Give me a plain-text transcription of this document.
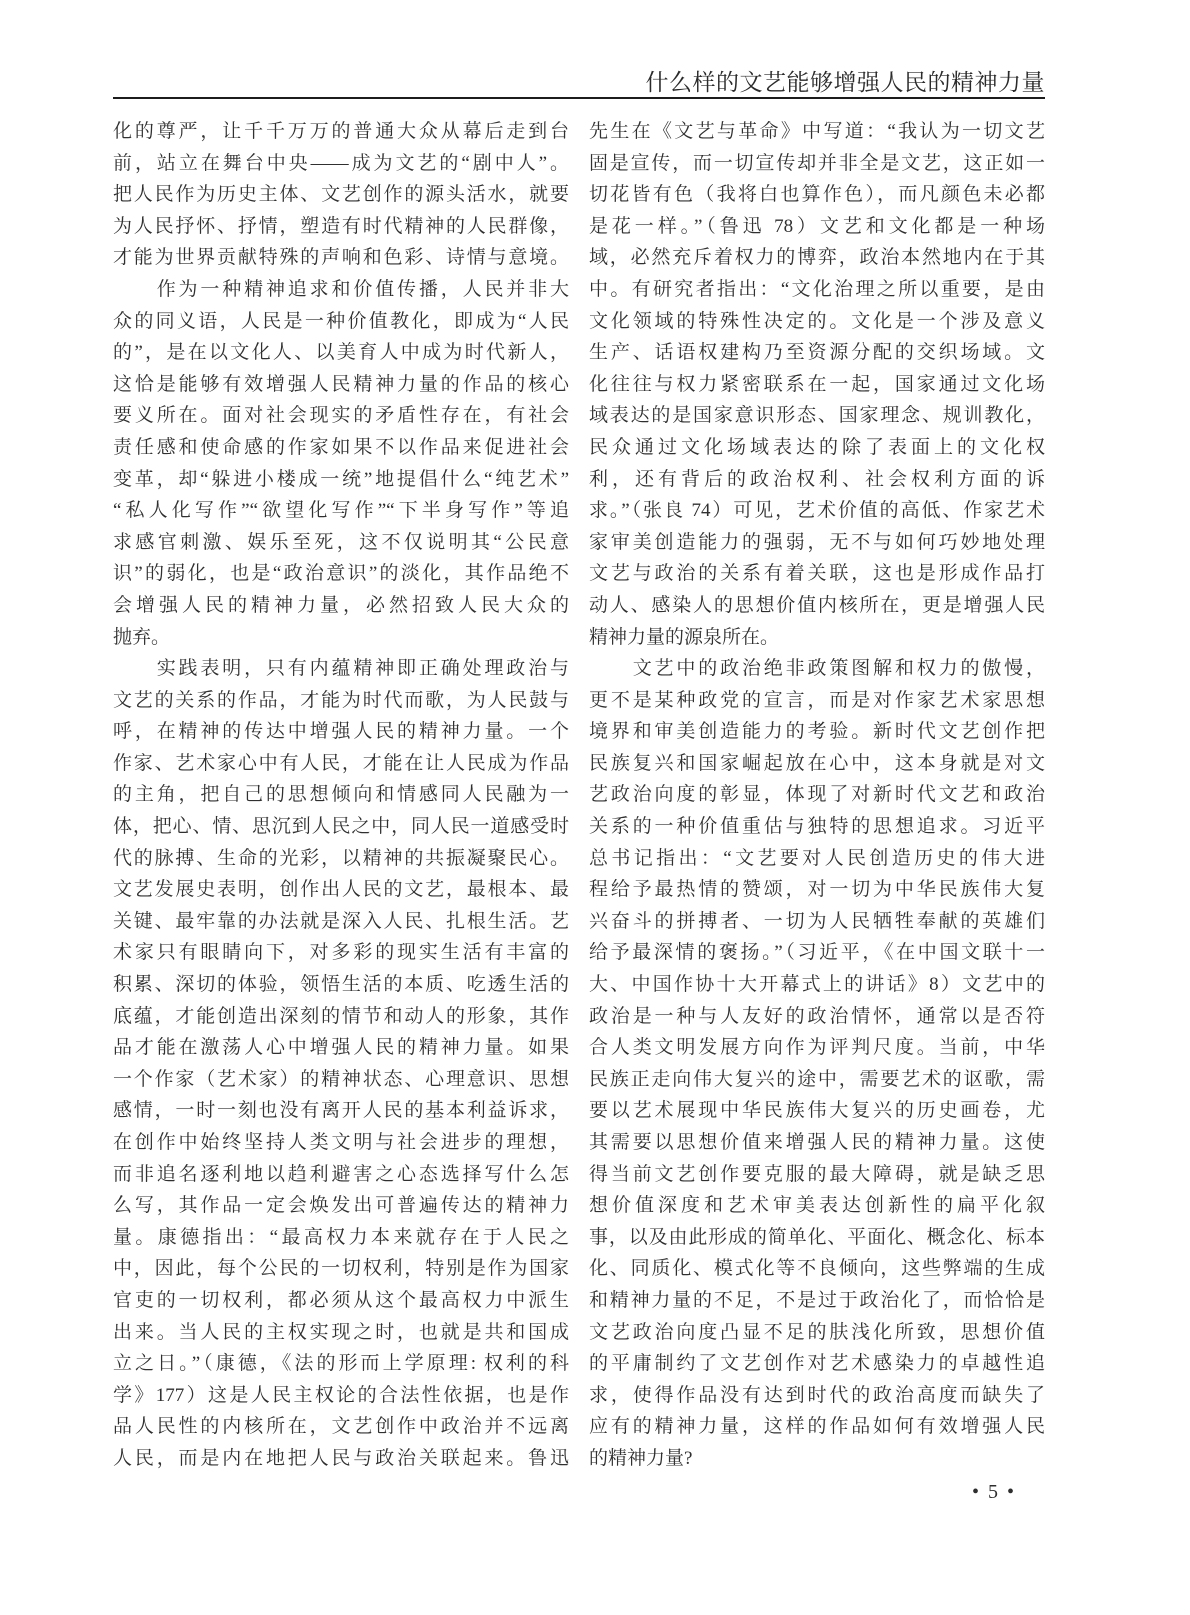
什么样的文艺能够增强人民的精神力量
化的尊严，让千千万万的普通大众从幕后走到台
前，站立在舞台中央——成为文艺的“剧中人”。
把人民作为历史主体、文艺创作的源头活水，就要
为人民抒怀、抒情，塑造有时代精神的人民群像，
才能为世界贡献特殊的声响和色彩、诗情与意境。
　　作为一种精神追求和价值传播，人民并非大
众的同义语，人民是一种价值教化，即成为“人民
的”，是在以文化人、以美育人中成为时代新人，
这恰是能够有效增强人民精神力量的作品的核心
要义所在。面对社会现实的矛盾性存在，有社会
责任感和使命感的作家如果不以作品来促进社会
变革，却“躲进小楼成一统”地提倡什么“纯艺术”
“私人化写作”“欲望化写作”“下半身写作”等追
求感官刺激、娱乐至死，这不仅说明其“公民意
识”的弱化，也是“政治意识”的淡化，其作品绝不
会增强人民的精神力量，必然招致人民大众的
抛弃。
　　实践表明，只有内蕴精神即正确处理政治与
文艺的关系的作品，才能为时代而歌，为人民鼓与
呼，在精神的传达中增强人民的精神力量。一个
作家、艺术家心中有人民，才能在让人民成为作品
的主角，把自己的思想倾向和情感同人民融为一
体，把心、情、思沉到人民之中，同人民一道感受时
代的脉搏、生命的光彩，以精神的共振凝聚民心。
文艺发展史表明，创作出人民的文艺，最根本、最
关键、最牢靠的办法就是深入人民、扎根生活。艺
术家只有眼睛向下，对多彩的现实生活有丰富的
积累、深切的体验，领悟生活的本质、吃透生活的
底蕴，才能创造出深刻的情节和动人的形象，其作
品才能在激荡人心中增强人民的精神力量。如果
一个作家（艺术家）的精神状态、心理意识、思想
感情，一时一刻也没有离开人民的基本利益诉求，
在创作中始终坚持人类文明与社会进步的理想，
而非追名逐利地以趋利避害之心态选择写什么怎
么写，其作品一定会焕发出可普遍传达的精神力
量。康德指出：“最高权力本来就存在于人民之
中，因此，每个公民的一切权利，特别是作为国家
官吏的一切权利，都必须从这个最高权力中派生
出来。当人民的主权实现之时，也就是共和国成
立之日。”（康德，《法的形而上学原理: 权利的科
学》177）这是人民主权论的合法性依据，也是作
品人民性的内核所在，文艺创作中政治并不远离
人民，而是内在地把人民与政治关联起来。鲁迅
先生在《文艺与革命》中写道：“我认为一切文艺
固是宣传，而一切宣传却并非全是文艺，这正如一
切花皆有色（我将白也算作色），而凡颜色未必都
是花一样。”（鲁迅 78）文艺和文化都是一种场
域，必然充斥着权力的博弈，政治本然地内在于其
中。有研究者指出：“文化治理之所以重要，是由
文化领域的特殊性决定的。文化是一个涉及意义
生产、话语权建构乃至资源分配的交织场域。文
化往往与权力紧密联系在一起，国家通过文化场
域表达的是国家意识形态、国家理念、规训教化，
民众通过文化场域表达的除了表面上的文化权
利，还有背后的政治权利、社会权利方面的诉
求。”（张良 74）可见，艺术价值的高低、作家艺术
家审美创造能力的强弱，无不与如何巧妙地处理
文艺与政治的关系有着关联，这也是形成作品打
动人、感染人的思想价值内核所在，更是增强人民
精神力量的源泉所在。
　　文艺中的政治绝非政策图解和权力的傲慢，
更不是某种政党的宣言，而是对作家艺术家思想
境界和审美创造能力的考验。新时代文艺创作把
民族复兴和国家崛起放在心中，这本身就是对文
艺政治向度的彰显，体现了对新时代文艺和政治
关系的一种价值重估与独特的思想追求。习近平
总书记指出：“文艺要对人民创造历史的伟大进
程给予最热情的赞颂，对一切为中华民族伟大复
兴奋斗的拼搏者、一切为人民牺牲奉献的英雄们
给予最深情的褒扬。”（习近平，《在中国文联十一
大、中国作协十大开幕式上的讲话》8）文艺中的
政治是一种与人友好的政治情怀，通常以是否符
合人类文明发展方向作为评判尺度。当前，中华
民族正走向伟大复兴的途中，需要艺术的讴歌，需
要以艺术展现中华民族伟大复兴的历史画卷，尤
其需要以思想价值来增强人民的精神力量。这使
得当前文艺创作要克服的最大障碍，就是缺乏思
想价值深度和艺术审美表达创新性的扁平化叙
事，以及由此形成的简单化、平面化、概念化、标本
化、同质化、模式化等不良倾向，这些弊端的生成
和精神力量的不足，不是过于政治化了，而恰恰是
文艺政治向度凸显不足的肤浅化所致，思想价值
的平庸制约了文艺创作对艺术感染力的卓越性追
求，使得作品没有达到时代的政治高度而缺失了
应有的精神力量，这样的作品如何有效增强人民
的精神力量?
• 5 •
